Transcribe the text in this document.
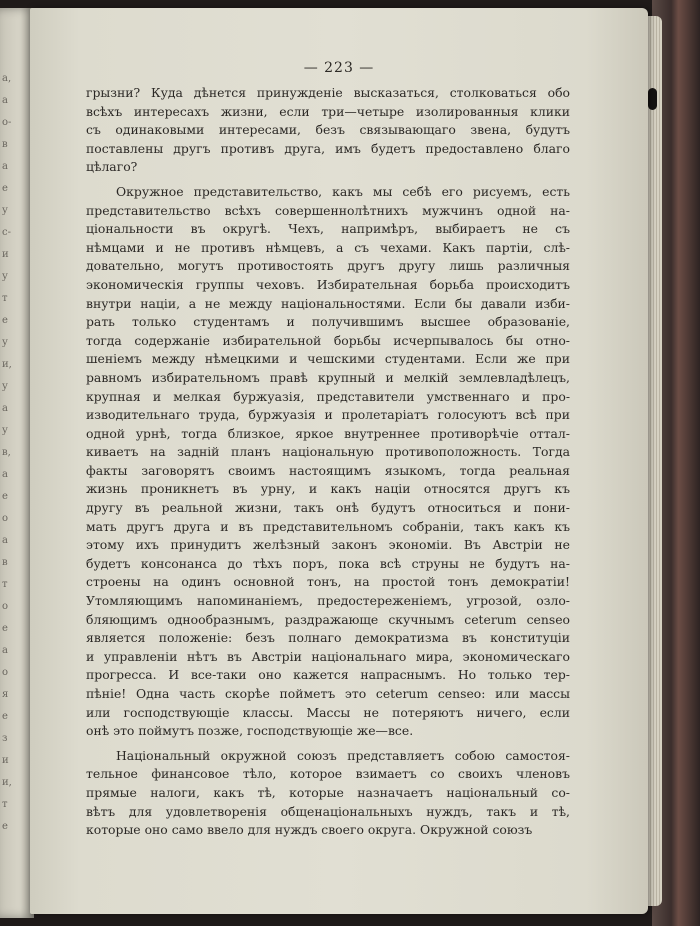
а,
а
о-
в
а
е
у
с-
и
у
т
е
у
и,
у
а
у
в,
а
е
о
а
в
т
о
е
а
о
я
е
з
и
и,
т
е
— 223 —
грызни? Куда дѣнется принужденіе высказаться, столковаться обо
всѣхъ интересахъ жизни, если три—четыре изолированныя клики
съ одинаковыми интересами, безъ связывающаго звена, будутъ
поставлены другъ противъ друга, имъ будетъ предоставлено благо
цѣлаго?
Окружное представительство, какъ мы себѣ его рисуемъ, есть
представительство всѣхъ совершеннолѣтнихъ мужчинъ одной на-
ціональности въ округѣ. Чехъ, напримѣръ, выбираетъ не съ
нѣмцами и не противъ нѣмцевъ, а съ чехами. Какъ партіи, слѣ-
довательно, могутъ противостоять другъ другу лишь различныя
экономическія группы чеховъ. Избирательная борьба происходитъ
внутри націи, а не между національностями. Если бы давали изби-
рать только студентамъ и получившимъ высшее образованіе,
тогда содержаніе избирательной борьбы исчерпывалось бы отно-
шеніемъ между нѣмецкими и чешскими студентами. Если же при
равномъ избирательномъ правѣ крупный и мелкій землевладѣлецъ,
крупная и мелкая буржуазія, представители умственнаго и про-
изводительнаго труда, буржуазія и пролетаріатъ голосуютъ всѣ при
одной урнѣ, тогда близкое, яркое внутреннее противорѣчіе оттал-
киваетъ на задній планъ національную противоположность. Тогда
факты заговорятъ своимъ настоящимъ языкомъ, тогда реальная
жизнь проникнетъ въ урну, и какъ націи относятся другъ къ
другу въ реальной жизни, такъ онѣ будутъ относиться и пони-
мать другъ друга и въ представительномъ собраніи, такъ какъ къ
этому ихъ принудитъ желѣзный законъ экономіи. Въ Австріи не
будетъ консонанса до тѣхъ поръ, пока всѣ струны не будутъ на-
строены на одинъ основной тонъ, на простой тонъ демократіи!
Утомляющимъ напоминаніемъ, предостереженіемъ, угрозой, озло-
бляющимъ однообразнымъ, раздражающе скучнымъ ceterum censeo
является положеніе: безъ полнаго демократизма въ конституціи
и управленіи нѣтъ въ Австріи національнаго мира, экономическаго
прогресса. И все-таки оно кажется напраснымъ. Но только тер-
пѣніе! Одна часть скорѣе пойметъ это ceterum censeo: или массы
или господствующіе классы. Массы не потеряютъ ничего, если
онѣ это поймутъ позже, господствующіе же—все.
Національный окружной союзъ представляетъ собою самостоя-
тельное финансовое тѣло, которое взимаетъ со своихъ членовъ
прямые налоги, какъ тѣ, которые назначаетъ національный со-
вѣтъ для удовлетворенія общенаціональныхъ нуждъ, такъ и тѣ,
которые оно само ввело для нуждъ своего округа. Окружной союзъ
